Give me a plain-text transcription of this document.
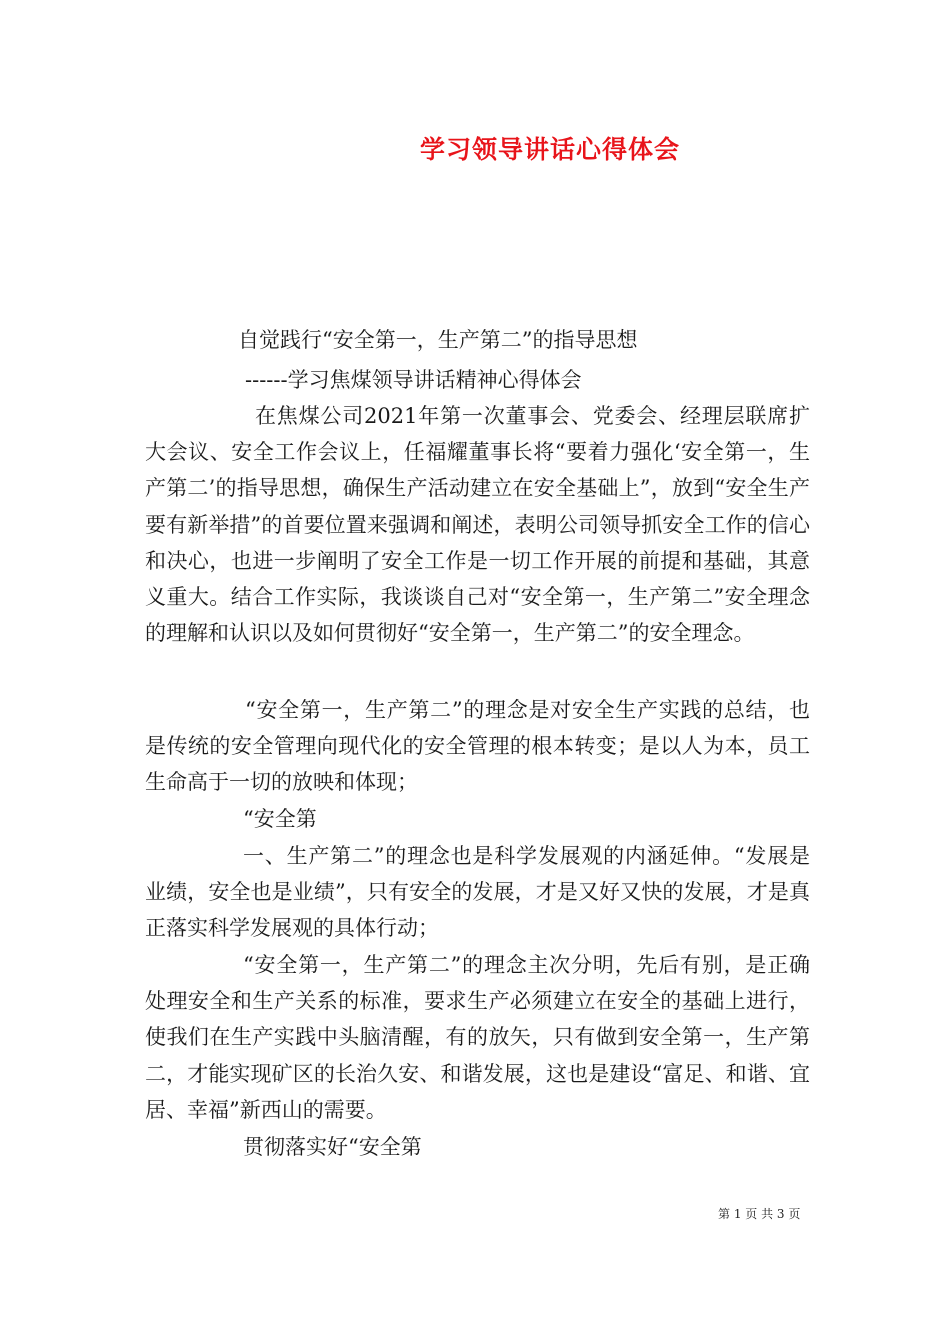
学习领导讲话心得体会
自觉践行“安全第一，生产第二”的指导思想
------学习焦煤领导讲话精神心得体会

在焦煤公司2021年第一次董事会、党委会、经理层联席扩大会议、安全工作会议上，任福耀董事长将“要着力强化‘安全第一，生产第二’的指导思想，确保生产活动建立在安全基础上”，放到“安全生产要有新举措”的首要位置来强调和阐述，表明公司领导抓安全工作的信心和决心，也进一步阐明了安全工作是一切工作开展的前提和基础，其意义重大。结合工作实际，我谈谈自己对“安全第一，生产第二”安全理念的理解和认识以及如何贯彻好“安全第一，生产第二”的安全理念。

“安全第一，生产第二”的理念是对安全生产实践的总结，也是传统的安全管理向现代化的安全管理的根本转变；是以人为本，员工生命高于一切的放映和体现；

“安全第

一、生产第二”的理念也是科学发展观的内涵延伸。“发展是业绩，安全也是业绩”，只有安全的发展，才是又好又快的发展，才是真正落实科学发展观的具体行动；

“安全第一，生产第二”的理念主次分明，先后有别，是正确处理安全和生产关系的标准，要求生产必须建立在安全的基础上进行，使我们在生产实践中头脑清醒，有的放矢，只有做到安全第一，生产第二，才能实现矿区的长治久安、和谐发展，这也是建设“富足、和谐、宜居、幸福”新西山的需要。

贯彻落实好“安全第

第 1 页 共 3 页
